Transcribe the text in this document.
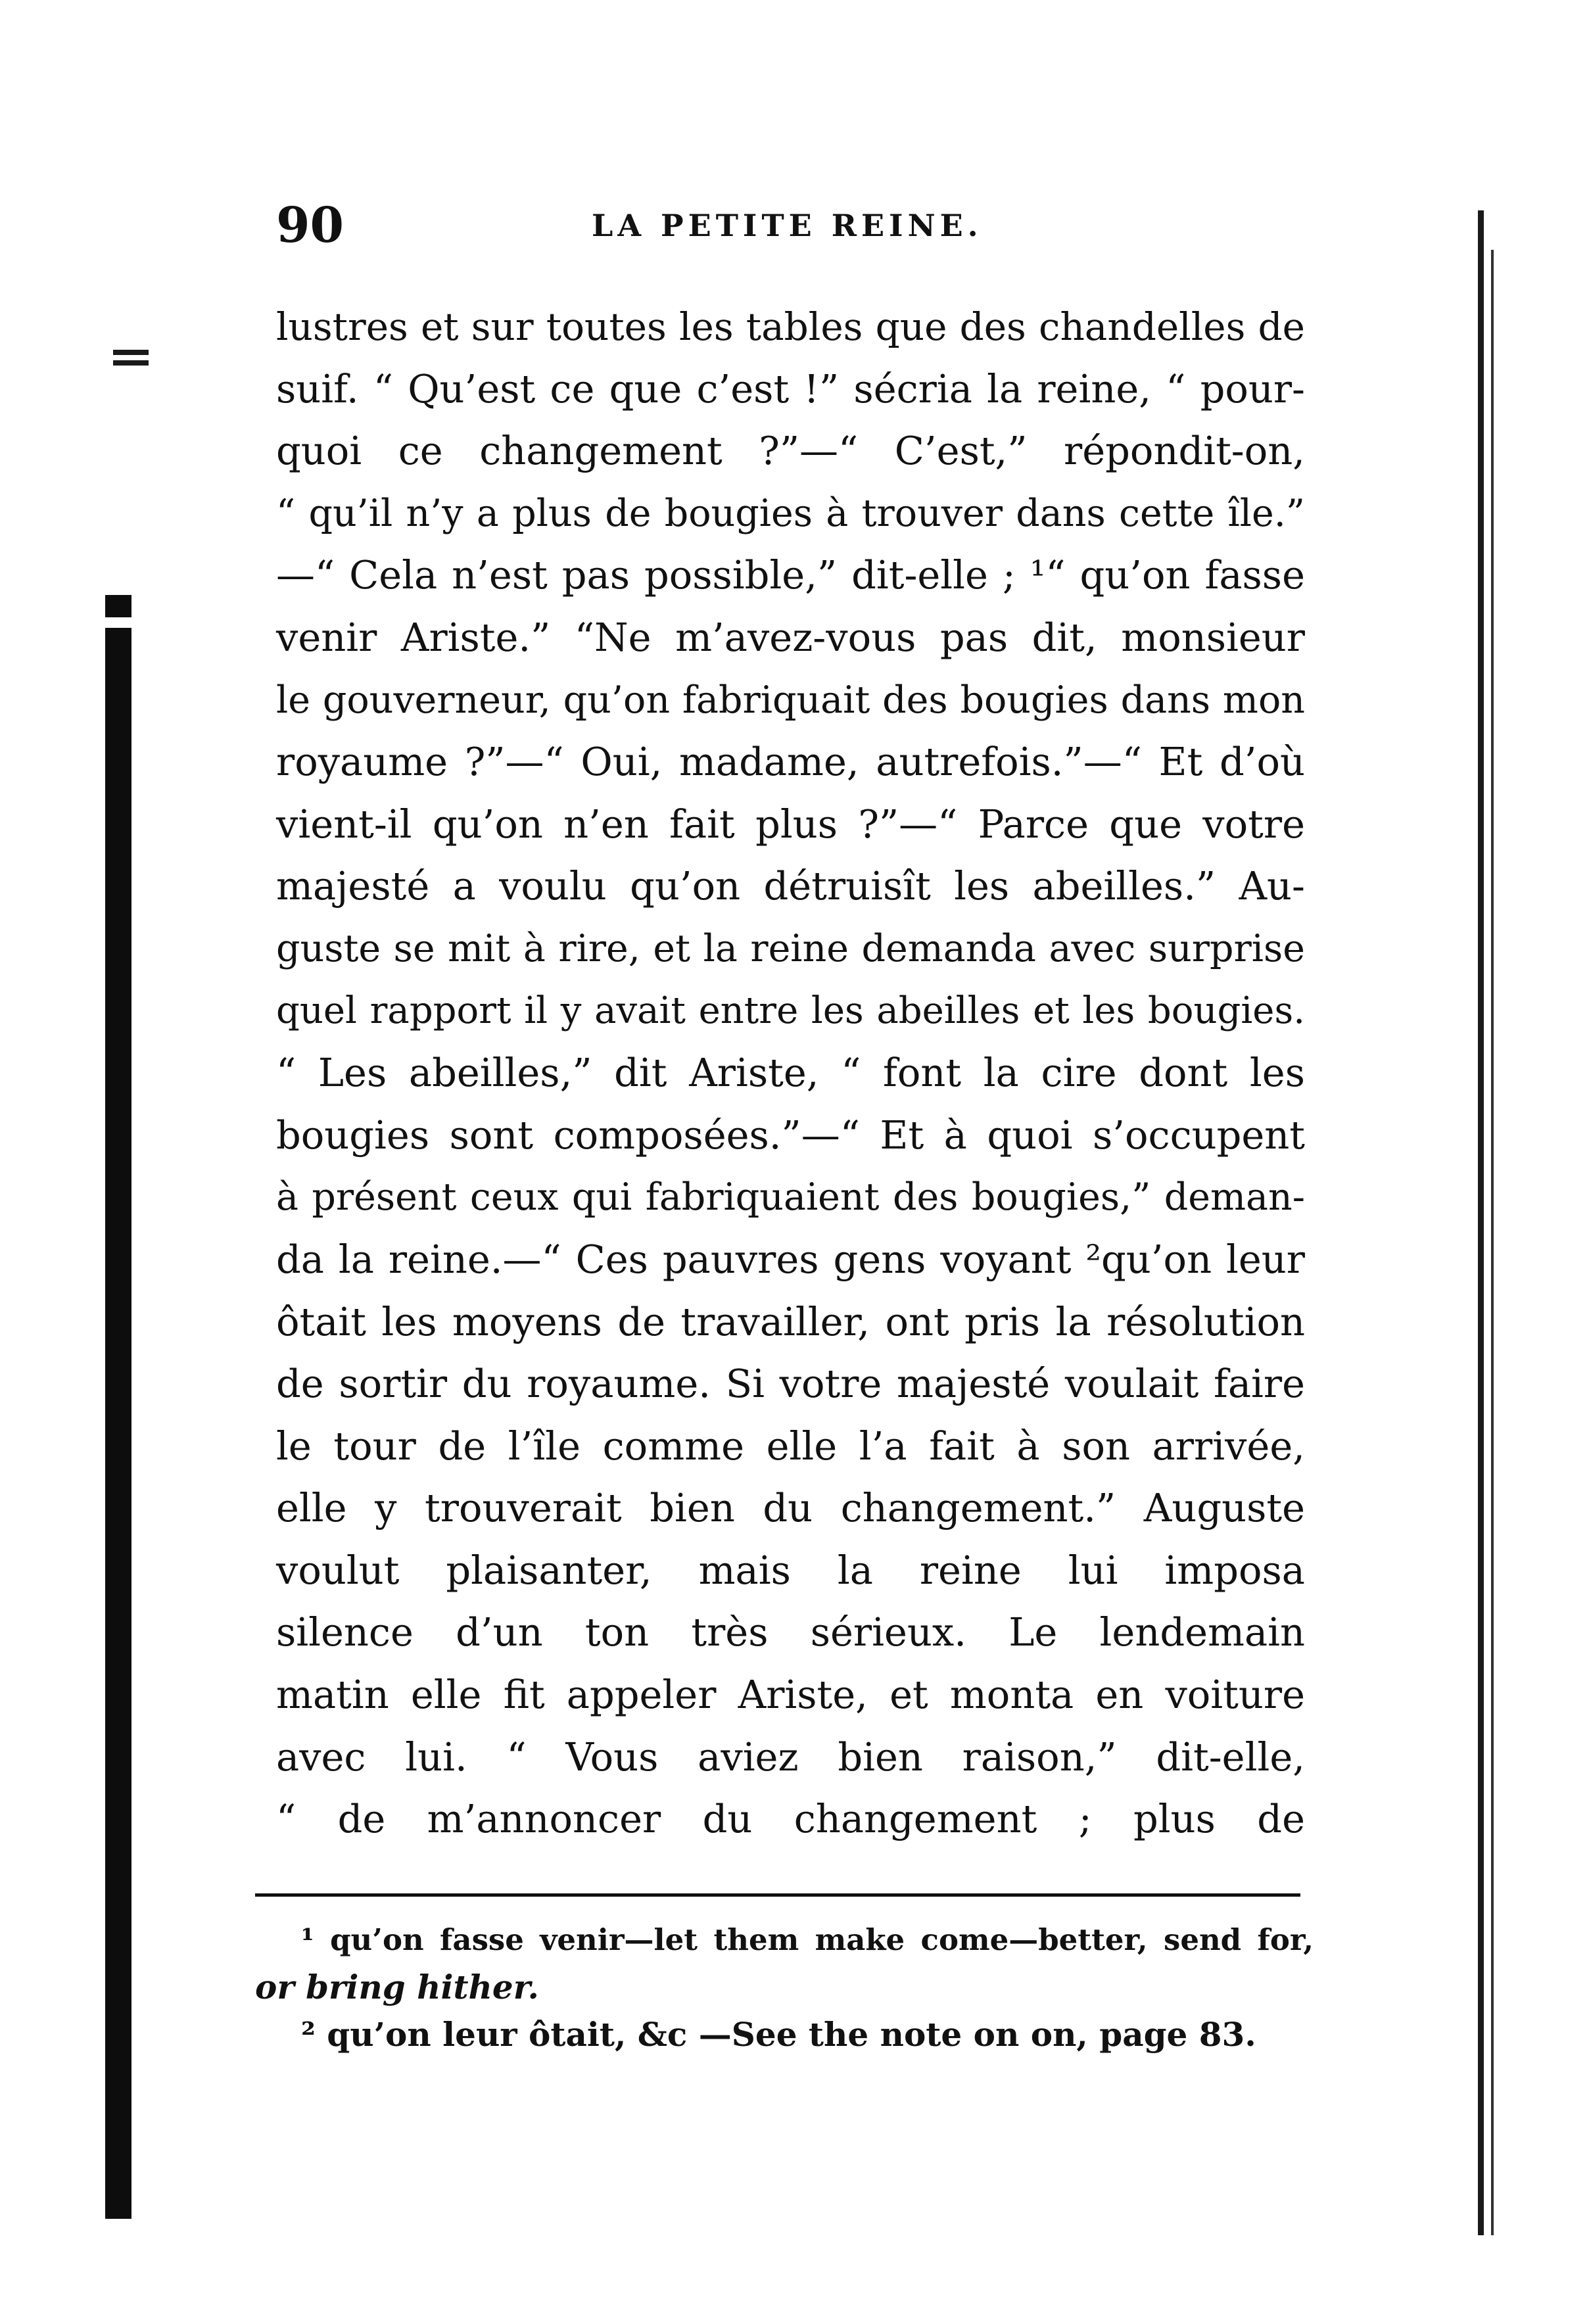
90	LA PETITE REINE.
lustres et sur toutes les tables que des chandelles de
suif. “ Qu’est ce que c’est !” sécria la reine, “ pour-
quoi ce changement ?”—“ C’est,” répondit-on,
“ qu’il n’y a plus de bougies à trouver dans cette île.”
—“ Cela n’est pas possible,” dit-elle ; ¹“ qu’on fasse
venir Ariste.” “Ne m’avez-vous pas dit, monsieur
le gouverneur, qu’on fabriquait des bougies dans mon
royaume ?”—“ Oui, madame, autrefois.”—“ Et d’où
vient-il qu’on n’en fait plus ?”—“ Parce que votre
majesté a voulu qu’on détruisît les abeilles.” Au-
guste se mit à rire, et la reine demanda avec surprise
quel rapport il y avait entre les abeilles et les bougies.
“ Les abeilles,” dit Ariste, “ font la cire dont les
bougies sont composées.”—“ Et à quoi s’occupent
à présent ceux qui fabriquaient des bougies,” deman-
da la reine.—“ Ces pauvres gens voyant ²qu’on leur
ôtait les moyens de travailler, ont pris la résolution
de sortir du royaume. Si votre majesté voulait faire
le tour de l’île comme elle l’a fait à son arrivée,
elle y trouverait bien du changement.” Auguste
voulut plaisanter, mais la reine lui imposa
silence d’un ton très sérieux. Le lendemain
matin elle fit appeler Ariste, et monta en voiture
avec lui. “ Vous aviez bien raison,” dit-elle,
“ de m’annoncer du changement ; plus de
¹ qu’on fasse venir—let them make come—better, send for,
or bring hither.
² qu’on leur ôtait, &c —See the note on on, page 83.
